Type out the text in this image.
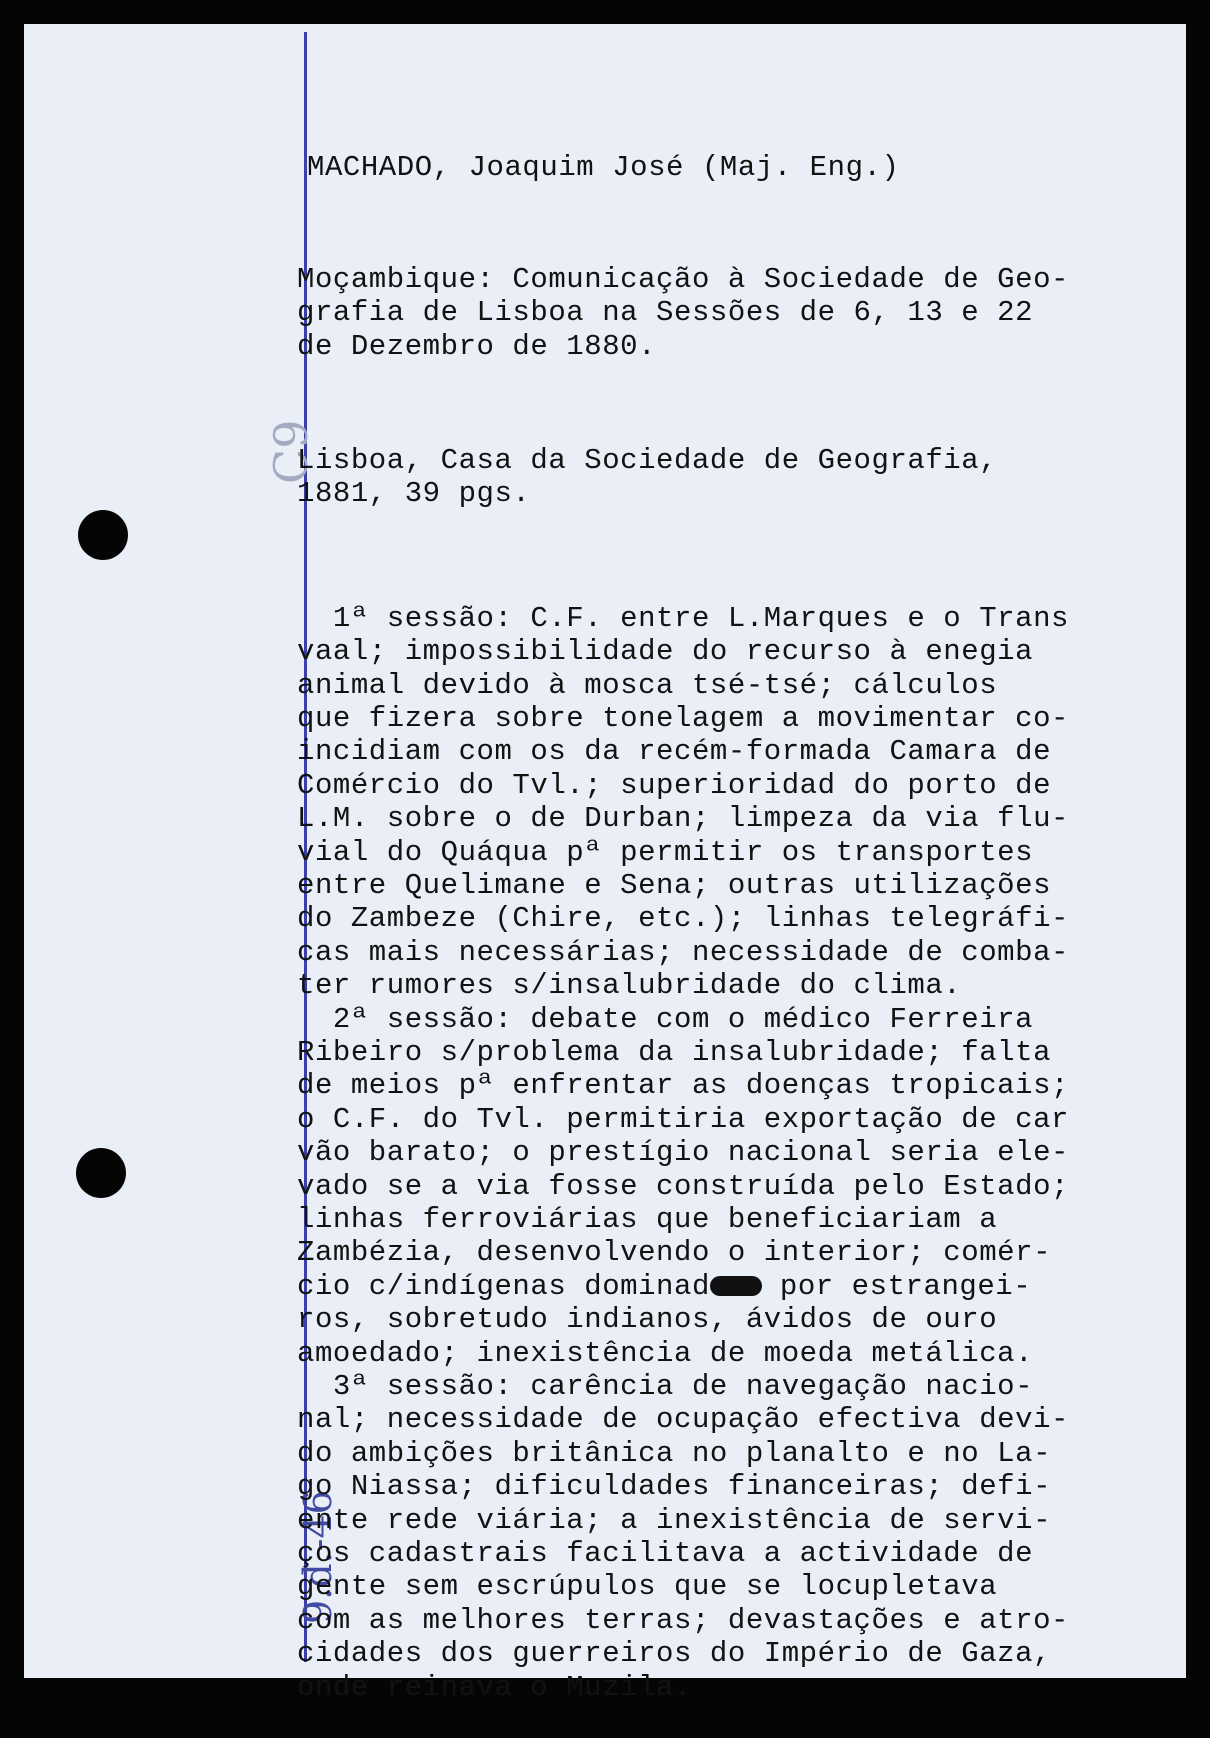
C9
9.d.-46

MACHADO, Joaquim José (Maj. Eng.)

Moçambique: Comunicação à Sociedade de Geo-
grafia de Lisboa na Sessões de 6, 13 e 22
de Dezembro de 1880.

Lisboa, Casa da Sociedade de Geografia,
1881, 39 pgs.

1ª sessão: C.F. entre L.Marques e o Trans
vaal; impossibilidade do recurso à enegia
animal devido à mosca tsé-tsé; cálculos
que fizera sobre tonelagem a movimentar co-
incidiam com os da recém-formada Camara de
Comércio do Tvl.; superioridad do porto de
L.M. sobre o de Durban; limpeza da via flu-
vial do Quáqua pª permitir os transportes
entre Quelimane e Sena; outras utilizações
do Zambeze (Chire, etc.); linhas telegráfi-
cas mais necessárias; necessidade de comba-
ter rumores s/insalubridade do clima.
2ª sessão: debate com o médico Ferreira
Ribeiro s/problema da insalubridade; falta
de meios pª enfrentar as doenças tropicais;
o C.F. do Tvl. permitiria exportação de car
vão barato; o prestígio nacional seria ele-
vado se a via fosse construída pelo Estado;
linhas ferroviárias que beneficiariam a
Zambézia, desenvolvendo o interior; comér-
cio c/indígenas dominad por estrangei-
ros, sobretudo indianos, ávidos de ouro
amoedado; inexistência de moeda metálica.
3ª sessão: carência de navegação nacio-
nal; necessidade de ocupação efectiva devi-
do ambições britânica no planalto e no La-
go Niassa; dificuldades financeiras; defi-
ente rede viária; a inexistência de servi-
ços cadastrais facilitava a actividade de
gente sem escrúpulos que se locupletava
com as melhores terras; devastações e atro-
cidades dos guerreiros do Império de Gaza,
onde reinava o Muzila.
